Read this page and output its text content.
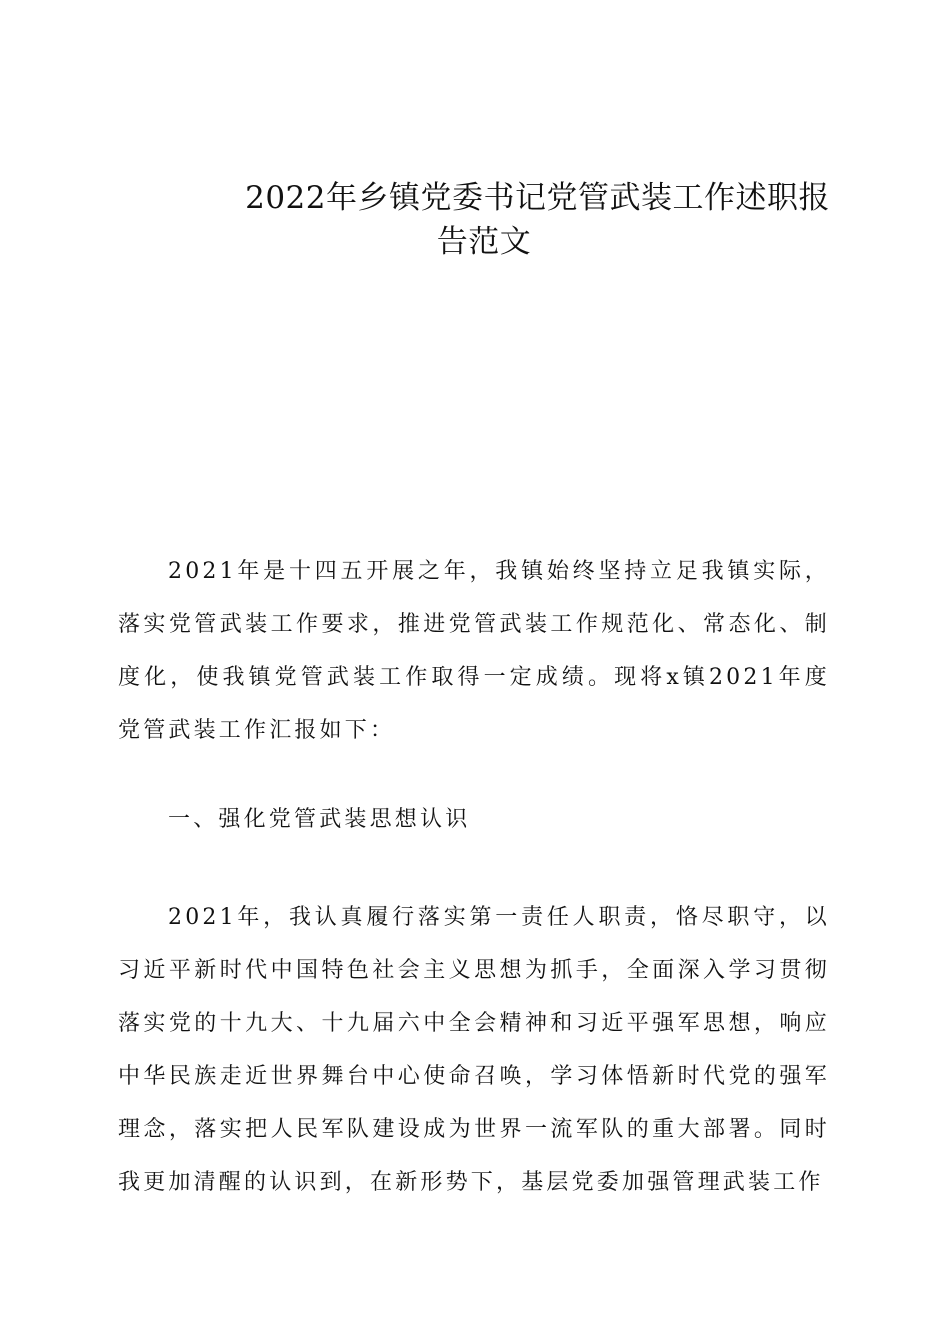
2022年乡镇党委书记党管武装工作述职报
告范文

2021年是十四五开展之年，我镇始终坚持立足我镇实际，落实党管武装工作要求，推进党管武装工作规范化、常态化、制度化，使我镇党管武装工作取得一定成绩。现将x镇2021年度党管武装工作汇报如下：

一、强化党管武装思想认识

2021年，我认真履行落实第一责任人职责，恪尽职守，以习近平新时代中国特色社会主义思想为抓手，全面深入学习贯彻落实党的十九大、十九届六中全会精神和习近平强军思想，响应中华民族走近世界舞台中心使命召唤，学习体悟新时代党的强军理念，落实把人民军队建设成为世界一流军队的重大部署。同时我更加清醒的认识到，在新形势下，基层党委加强管理武装工作
